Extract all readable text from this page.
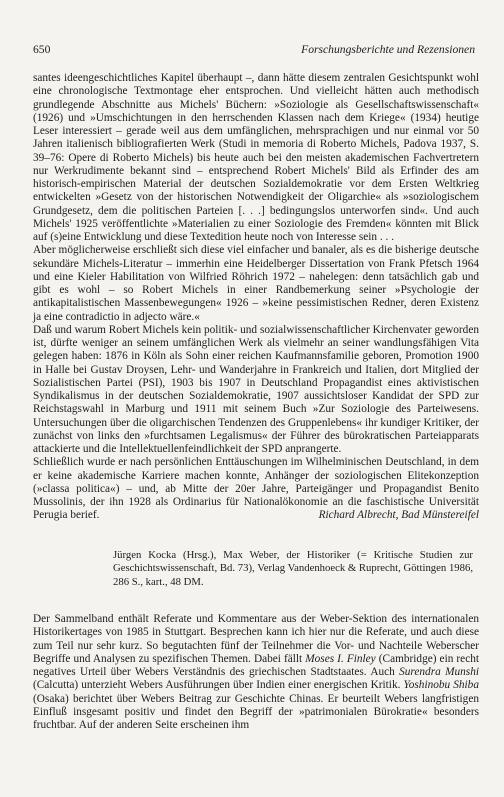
650	Forschungsberichte und Rezensionen

santes ideengeschichtliches Kapitel überhaupt –, dann hätte diesem zentralen Gesichtspunkt wohl eine chronologische Textmontage eher entsprochen. Und vielleicht hätten auch methodisch grundlegende Abschnitte aus Michels' Büchern: »Soziologie als Gesellschaftswissenschaft« (1926) und »Umschichtungen in den herrschenden Klassen nach dem Kriege« (1934) heutige Leser interessiert – gerade weil aus dem umfänglichen, mehrsprachigen und nur einmal vor 50 Jahren italienisch bibliografierten Werk (Studi in memoria di Roberto Michels, Padova 1937, S. 39–76: Opere di Roberto Michels) bis heute auch bei den meisten akademischen Fachvertretern nur Werkrudimente bekannt sind – entsprechend Robert Michels' Bild als Erfinder des am historisch-empirischen Material der deutschen Sozialdemokratie vor dem Ersten Weltkrieg entwickelten »Gesetz von der historischen Notwendigkeit der Oligarchie« als »soziologischem Grundgesetz, dem die politischen Parteien [. . .] bedingungslos unterworfen sind«. Und auch Michels' 1925 veröffentlichte »Materialien zu einer Soziologie des Fremden« könnten mit Blick auf (s)eine Entwicklung und diese Textedition heute noch von Interesse sein . . .

Aber möglicherweise erschließt sich diese viel einfacher und banaler, als es die bisherige deutsche sekundäre Michels-Literatur – immerhin eine Heidelberger Dissertation von Frank Pfetsch 1964 und eine Kieler Habilitation von Wilfried Röhrich 1972 – nahelegen: denn tatsächlich gab und gibt es wohl – so Robert Michels in einer Randbemerkung seiner »Psychologie der antikapitalistischen Massenbewegungen« 1926 – »keine pessimistischen Redner, deren Existenz ja eine contradictio in adjecto wäre.«

Daß und warum Robert Michels kein politik- und sozialwissenschaftlicher Kirchenvater geworden ist, dürfte weniger an seinem umfänglichen Werk als vielmehr an seiner wandlungsfähigen Vita gelegen haben: 1876 in Köln als Sohn einer reichen Kaufmannsfamilie geboren, Promotion 1900 in Halle bei Gustav Droysen, Lehr- und Wanderjahre in Frankreich und Italien, dort Mitglied der Sozialistischen Partei (PSI), 1903 bis 1907 in Deutschland Propagandist eines aktivistischen Syndikalismus in der deutschen Sozialdemokratie, 1907 aussichtsloser Kandidat der SPD zur Reichstagswahl in Marburg und 1911 mit seinem Buch »Zur Soziologie des Parteiwesens. Untersuchungen über die oligarchischen Tendenzen des Gruppenlebens« ihr kundiger Kritiker, der zunächst von links den »furchtsamen Legalismus« der Führer des bürokratischen Parteiapparats attackierte und die Intellektuellenfeindlichkeit der SPD anprangerte.

Schließlich wurde er nach persönlichen Enttäuschungen im Wilhelminischen Deutschland, in dem er keine akademische Karriere machen konnte, Anhänger der soziologischen Elitekonzeption (»classa politica«) – und, ab Mitte der 20er Jahre, Parteigänger und Propagandist Benito Mussolinis, der ihn 1928 als Ordinarius für Nationalökonomie an die faschistische Universität Perugia berief.	Richard Albrecht, Bad Münstereifel

Jürgen Kocka (Hrsg.), Max Weber, der Historiker (= Kritische Studien zur Geschichtswissenschaft, Bd. 73), Verlag Vandenhoeck & Ruprecht, Göttingen 1986, 286 S., kart., 48 DM.

Der Sammelband enthält Referate und Kommentare aus der Weber-Sektion des internationalen Historikertages von 1985 in Stuttgart. Besprechen kann ich hier nur die Referate, und auch diese zum Teil nur sehr kurz. So begutachten fünf der Teilnehmer die Vor- und Nachteile Weberscher Begriffe und Analysen zu spezifischen Themen. Dabei fällt Moses I. Finley (Cambridge) ein recht negatives Urteil über Webers Verständnis des griechischen Stadtstaates. Auch Surendra Munshi (Calcutta) unterzieht Webers Ausführungen über Indien einer energischen Kritik. Yoshinobu Shiba (Osaka) berichtet über Webers Beitrag zur Geschichte Chinas. Er beurteilt Webers langfristigen Einfluß insgesamt positiv und findet den Begriff der »patrimonialen Bürokratie« besonders fruchtbar. Auf der anderen Seite erscheinen ihm
